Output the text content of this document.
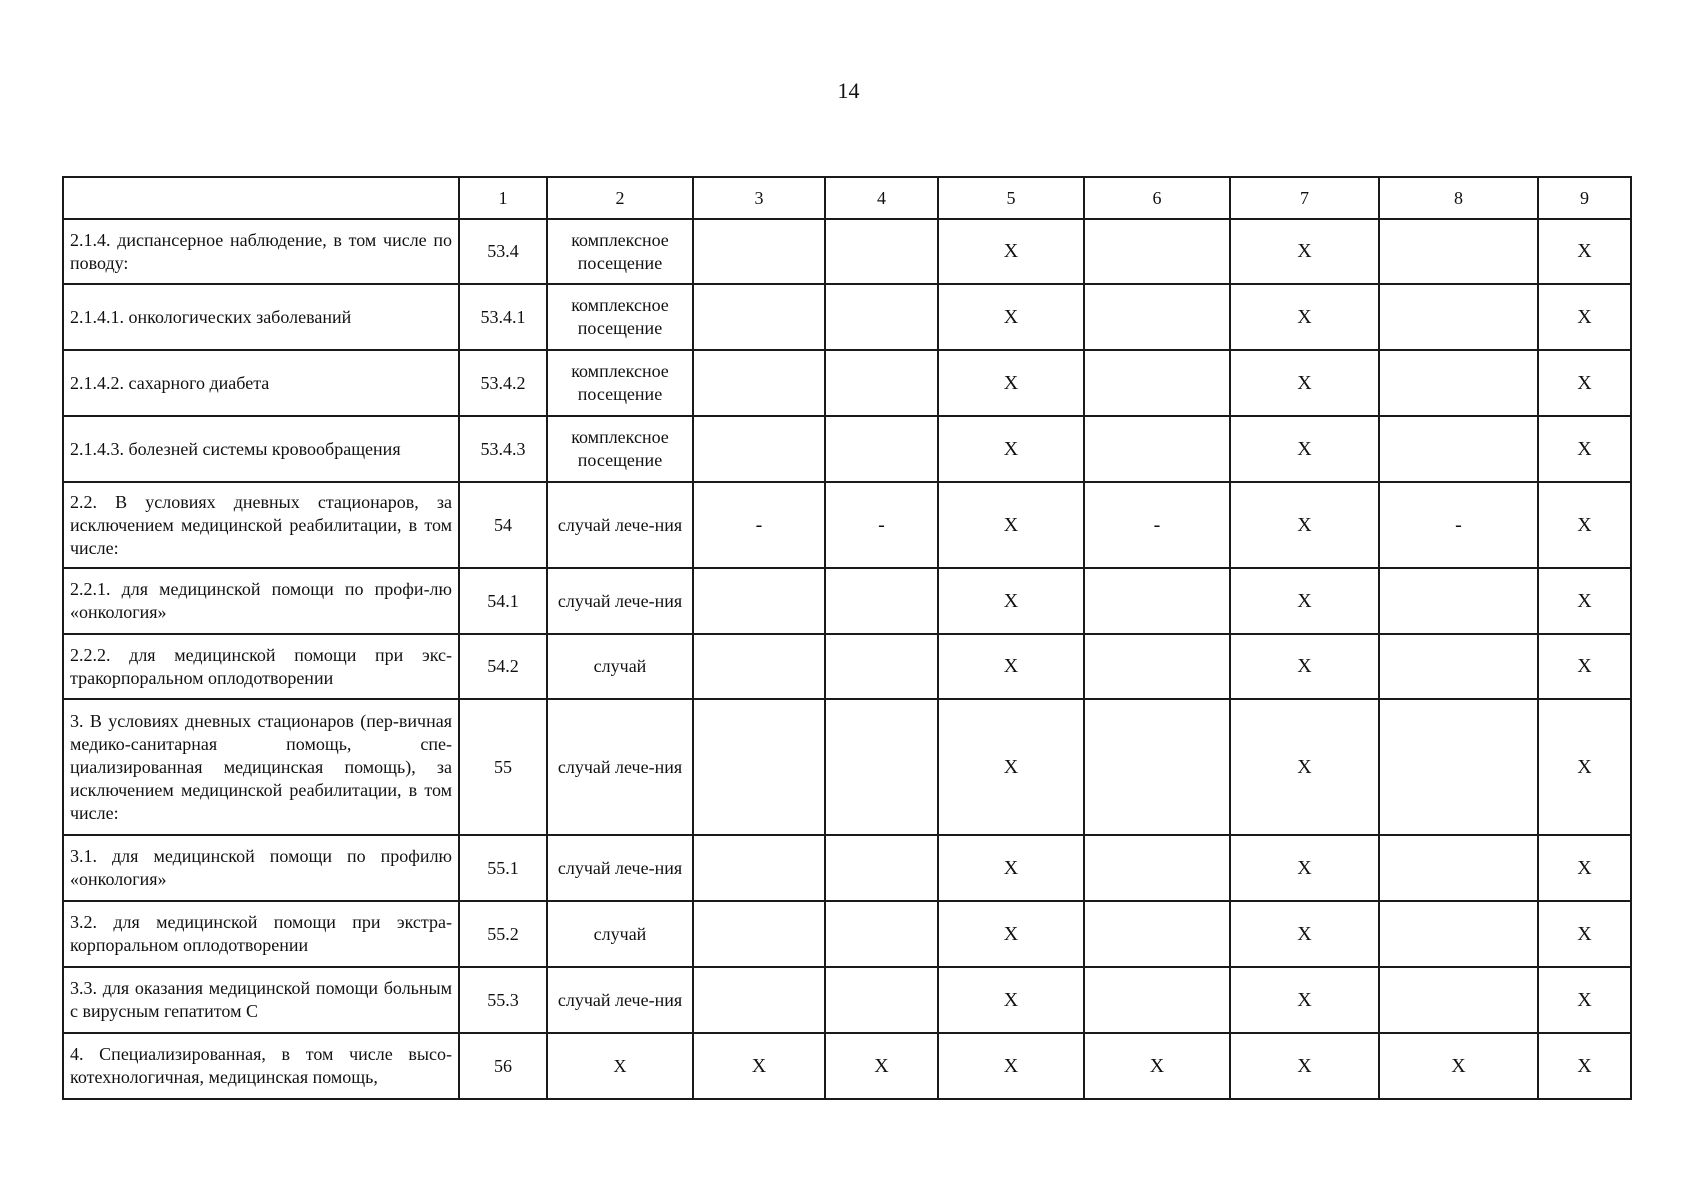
14
	1	2	3	4	5	6	7	8	9
2.1.4. диспансерное наблюдение, в том числе по поводу:	53.4	комплексное посещение			X		X		X
2.1.4.1. онкологических заболеваний	53.4.1	комплексное посещение			X		X		X
2.1.4.2. сахарного диабета	53.4.2	комплексное посещение			X		X		X
2.1.4.3. болезней системы кровообращения	53.4.3	комплексное посещение			X		X		X
2.2. В условиях дневных стационаров, за исключением медицинской реабилитации, в том числе:	54	случай лече-ния	-	-	X	-	X	-	X
2.2.1. для медицинской помощи по профи-лю «онкология»	54.1	случай лече-ния			X		X		X
2.2.2. для медицинской помощи при экс-тракорпоральном оплодотворении	54.2	случай			X		X		X
3. В условиях дневных стационаров (пер-вичная медико-санитарная помощь, спе-циализированная медицинская помощь), за исключением медицинской реабилитации, в том числе:	55	случай лече-ния			X		X		X
3.1. для медицинской помощи по профилю «онкология»	55.1	случай лече-ния			X		X		X
3.2. для медицинской помощи при экстра-корпоральном оплодотворении	55.2	случай			X		X		X
3.3. для оказания медицинской помощи больным с вирусным гепатитом С	55.3	случай лече-ния			X		X		X
4. Специализированная, в том числе высо-котехнологичная, медицинская помощь,	56	X	X	X	X	X	X	X	X
